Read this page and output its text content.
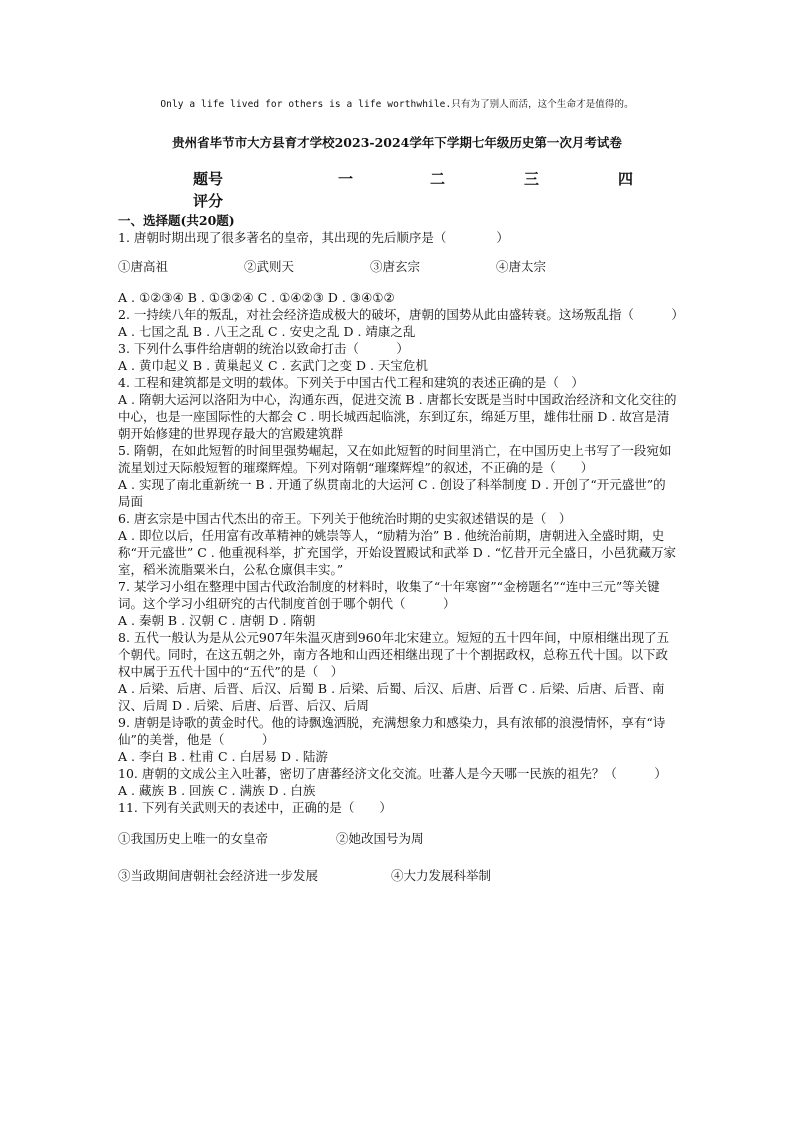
Only a life lived for others is a life worthwhile.只有为了别人而活，这个生命才是值得的。
贵州省毕节市大方县育才学校2023-2024学年下学期七年级历史第一次月考试卷
题号	一	二	三	四
评分

一、选择题(共20题)

1. 唐朝时期出现了很多著名的皇帝，其出现的先后顺序是（　　　　）

①唐高祖	②武则天	③唐玄宗	④唐太宗

A . ①②③④ B . ①③②④ C . ①④②③ D . ③④①②

2. 一持续八年的叛乱，对社会经济造成极大的破坏，唐朝的国势从此由盛转衰。这场叛乱指（　　　）

A . 七国之乱 B . 八王之乱 C . 安史之乱 D . 靖康之乱

3. 下列什么事件给唐朝的统治以致命打击（　　　）

A . 黄巾起义 B . 黄巢起义 C . 玄武门之变 D . 天宝危机

4. 工程和建筑都是文明的载体。下列关于中国古代工程和建筑的表述正确的是（　）

A . 隋朝大运河以洛阳为中心，沟通东西，促进交流 B . 唐都长安既是当时中国政治经济和文化交往的中心，也是一座国际性的大都会 C . 明长城西起临洮，东到辽东，绵延万里，雄伟壮丽 D . 故宫是清朝开始修建的世界现存最大的宫殿建筑群

5. 隋朝，在如此短暂的时间里强势崛起，又在如此短暂的时间里消亡，在中国历史上书写了一段宛如流星划过天际般短暂的璀璨辉煌。下列对隋朝“璀璨辉煌”的叙述，不正确的是（　　）

A . 实现了南北重新统一 B . 开通了纵贯南北的大运河 C . 创设了科举制度 D . 开创了“开元盛世”的局面

6. 唐玄宗是中国古代杰出的帝王。下列关于他统治时期的史实叙述错误的是（　）

A . 即位以后，任用富有改革精神的姚崇等人，“励精为治” B . 他统治前期，唐朝进入全盛时期，史称“开元盛世” C . 他重视科举，扩充国学，开始设置殿试和武举 D . “忆昔开元全盛日，小邑犹藏万家室，稻米流脂粟米白，公私仓廪俱丰实。”

7. 某学习小组在整理中国古代政治制度的材料时，收集了“十年寒窗”“金榜题名”“连中三元”等关键词。这个学习小组研究的古代制度首创于哪个朝代（　　　）

A . 秦朝 B . 汉朝 C . 唐朝 D . 隋朝

8. 五代一般认为是从公元907年朱温灭唐到960年北宋建立。短短的五十四年间，中原相继出现了五个朝代。同时，在这五朝之外，南方各地和山西还相继出现了十个割据政权，总称五代十国。以下政权中属于五代十国中的“五代”的是（　）

A . 后梁、后唐、后晋、后汉、后蜀 B . 后梁、后蜀、后汉、后唐、后晋 C . 后梁、后唐、后晋、南汉、后周 D . 后梁、后唐、后晋、后汉、后周

9. 唐朝是诗歌的黄金时代。他的诗飘逸洒脱，充满想象力和感染力，具有浓郁的浪漫情怀，享有“诗仙”的美誉，他是（　　　）

A . 李白 B . 杜甫 C . 白居易 D . 陆游

10. 唐朝的文成公主入吐蕃，密切了唐蕃经济文化交流。吐蕃人是今天哪一民族的祖先？（　　　）

A . 藏族 B . 回族 C . 满族 D . 白族

11. 下列有关武则天的表述中，正确的是（　　）

①我国历史上唯一的女皇帝	②她改国号为周
③当政期间唐朝社会经济进一步发展	④大力发展科举制
